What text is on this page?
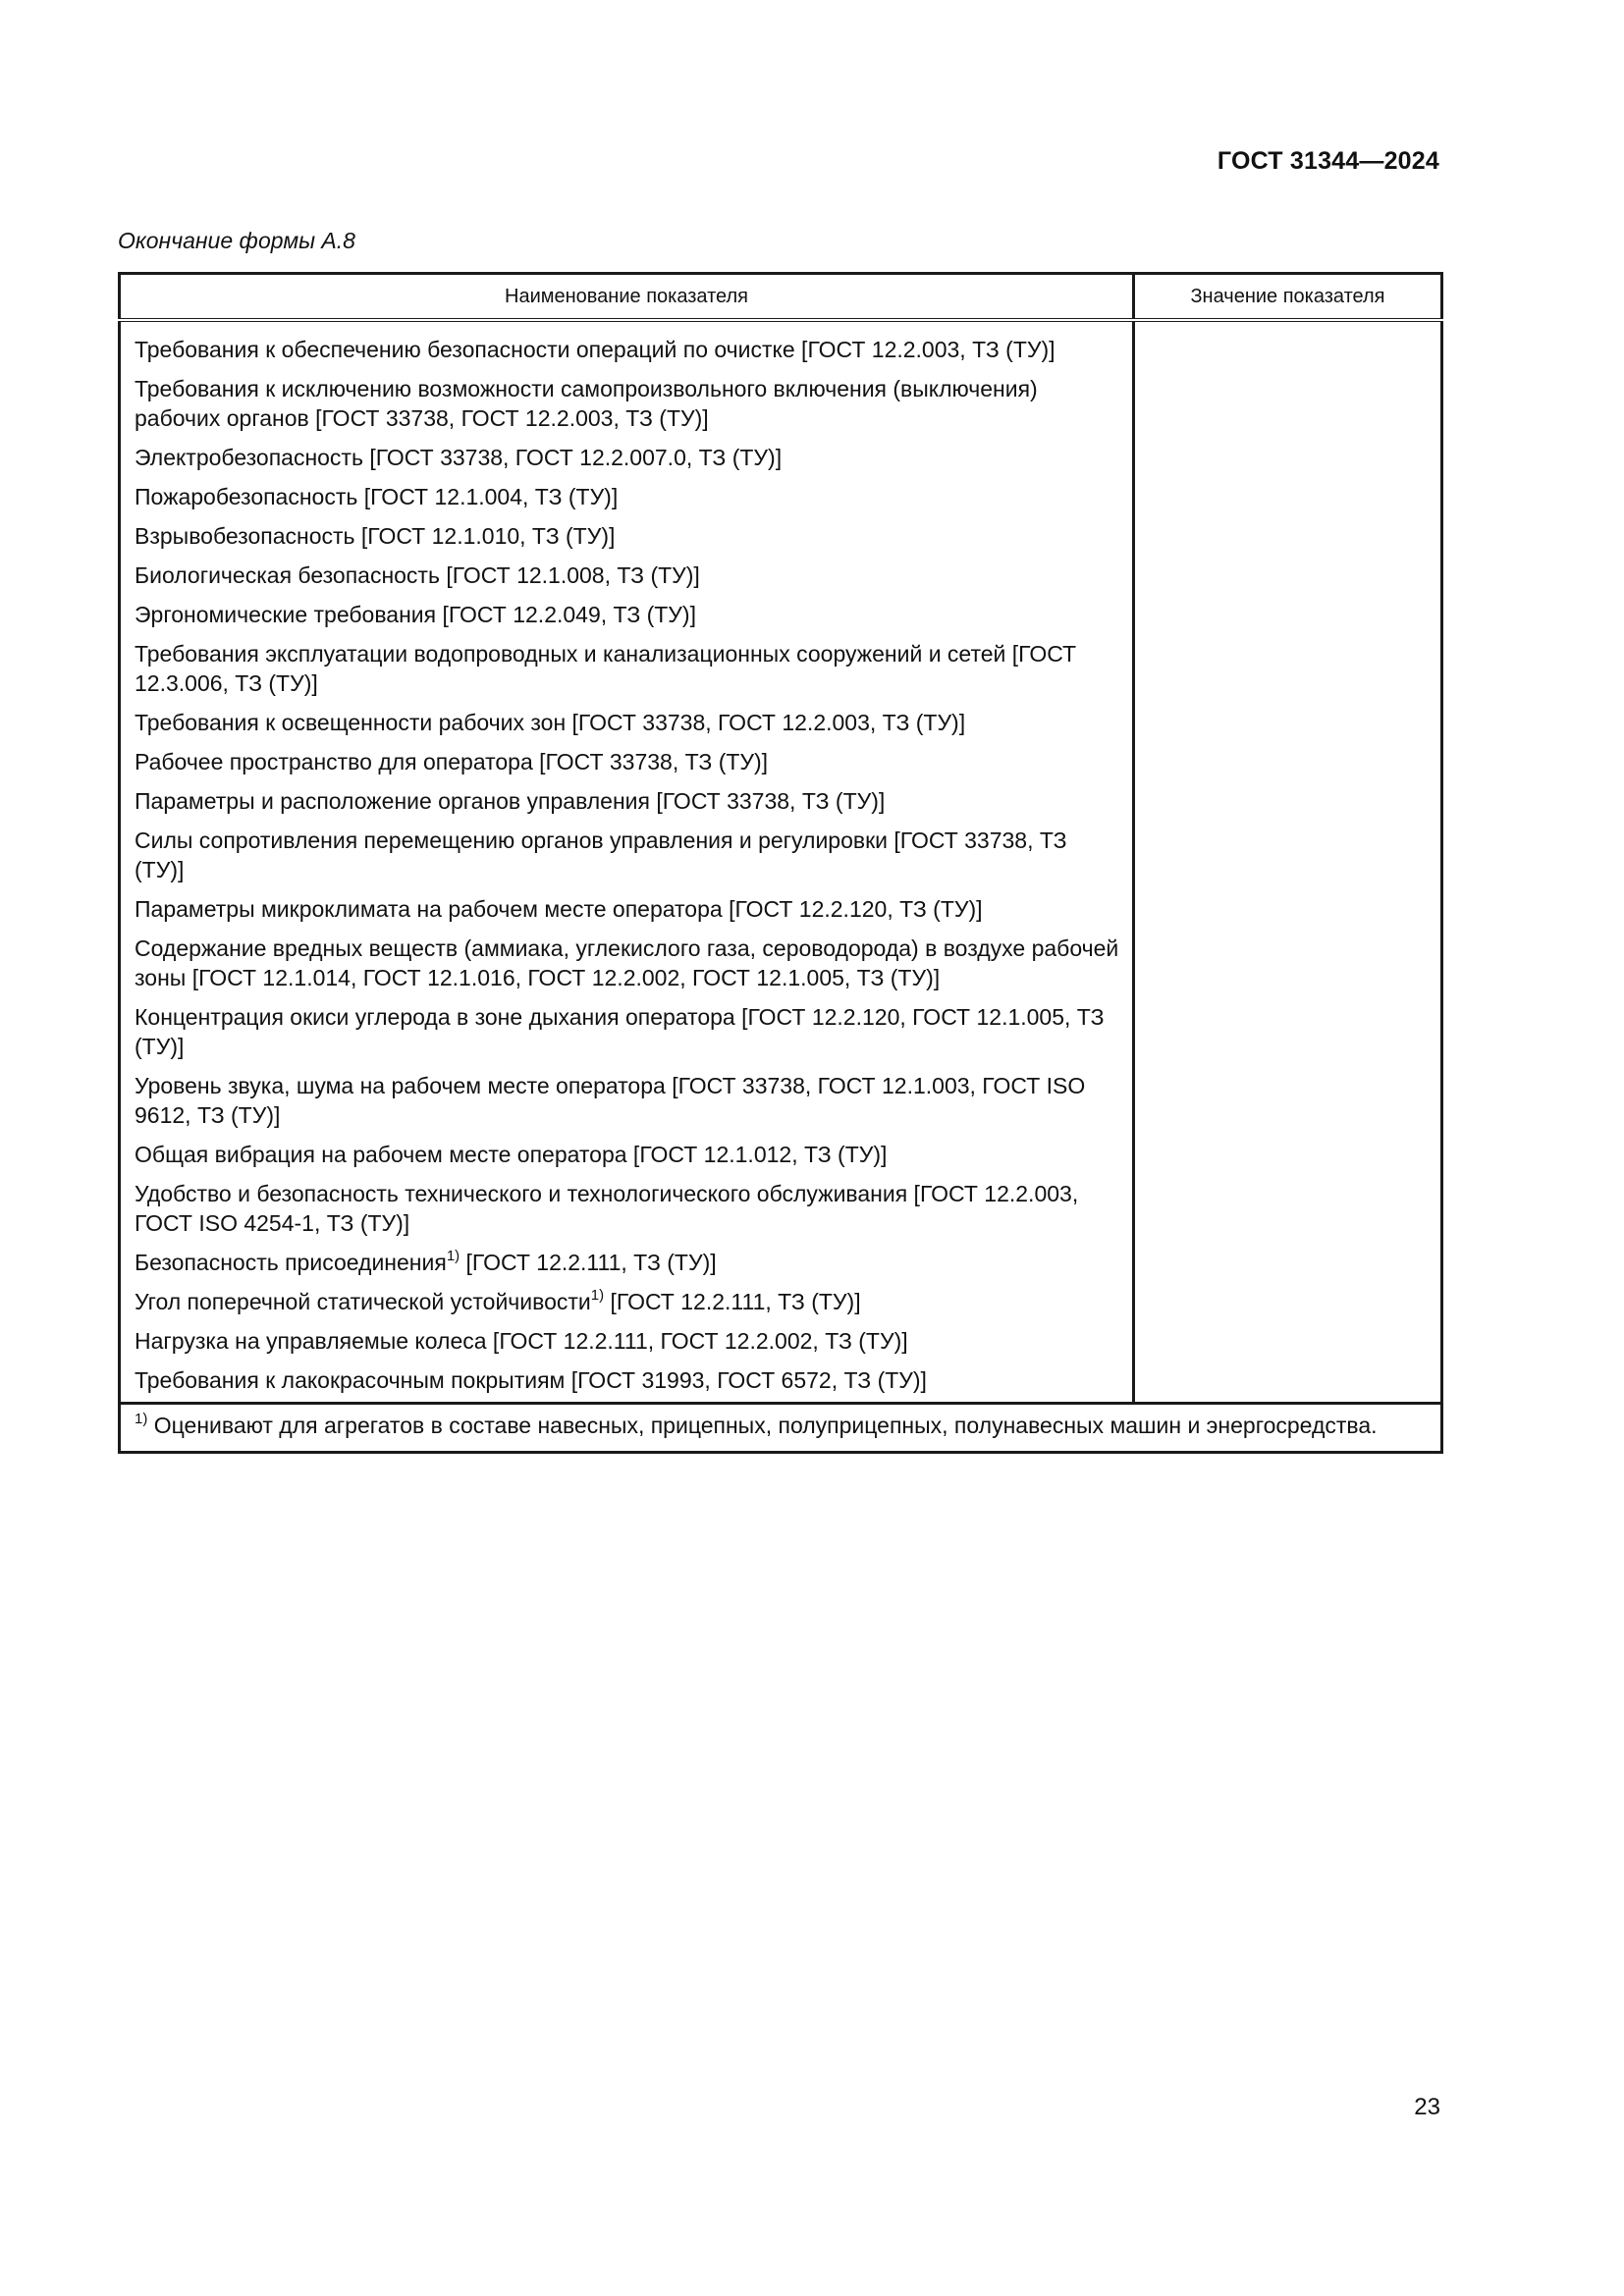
ГОСТ 31344—2024
Окончание формы А.8
Наименование показателя	Значение показателя
Требования к обеспечению безопасности операций по очистке [ГОСТ 12.2.003, ТЗ (ТУ)]	
Требования к исключению возможности самопроизвольного включения (выключения) рабочих органов [ГОСТ 33738, ГОСТ 12.2.003, ТЗ (ТУ)]	
Электробезопасность [ГОСТ 33738, ГОСТ 12.2.007.0, ТЗ (ТУ)]	
Пожаробезопасность [ГОСТ 12.1.004, ТЗ (ТУ)]	
Взрывобезопасность [ГОСТ 12.1.010, ТЗ (ТУ)]	
Биологическая безопасность [ГОСТ 12.1.008, ТЗ (ТУ)]	
Эргономические требования [ГОСТ 12.2.049, ТЗ (ТУ)]	
Требования эксплуатации водопроводных и канализационных сооружений и сетей [ГОСТ 12.3.006, ТЗ (ТУ)]	
Требования к освещенности рабочих зон [ГОСТ 33738, ГОСТ 12.2.003, ТЗ (ТУ)]	
Рабочее пространство для оператора [ГОСТ 33738, ТЗ (ТУ)]	
Параметры и расположение органов управления [ГОСТ 33738, ТЗ (ТУ)]	
Силы сопротивления перемещению органов управления и регулировки [ГОСТ 33738, ТЗ (ТУ)]	
Параметры микроклимата на рабочем месте оператора [ГОСТ 12.2.120, ТЗ (ТУ)]	
Содержание вредных веществ (аммиака, углекислого газа, сероводорода) в воздухе рабочей зоны [ГОСТ 12.1.014, ГОСТ 12.1.016, ГОСТ 12.2.002, ГОСТ 12.1.005, ТЗ (ТУ)]	
Концентрация окиси углерода в зоне дыхания оператора [ГОСТ 12.2.120, ГОСТ 12.1.005, ТЗ (ТУ)]	
Уровень звука, шума на рабочем месте оператора [ГОСТ 33738, ГОСТ 12.1.003, ГОСТ ISO 9612, ТЗ (ТУ)]	
Общая вибрация на рабочем месте оператора [ГОСТ 12.1.012, ТЗ (ТУ)]	
Удобство и безопасность технического и технологического обслуживания [ГОСТ 12.2.003, ГОСТ ISO 4254-1, ТЗ (ТУ)]	
Безопасность присоединения$^{1)}$ [ГОСТ 12.2.111, ТЗ (ТУ)]	
Угол поперечной статической устойчивости$^{1)}$ [ГОСТ 12.2.111, ТЗ (ТУ)]	
Нагрузка на управляемые колеса [ГОСТ 12.2.111, ГОСТ 12.2.002, ТЗ (ТУ)]	
Требования к лакокрасочным покрытиям [ГОСТ 31993, ГОСТ 6572, ТЗ (ТУ)]	
$^{1)}$ Оценивают для агрегатов в составе навесных, прицепных, полуприцепных, полунавесных машин и энергосредства.	
23
